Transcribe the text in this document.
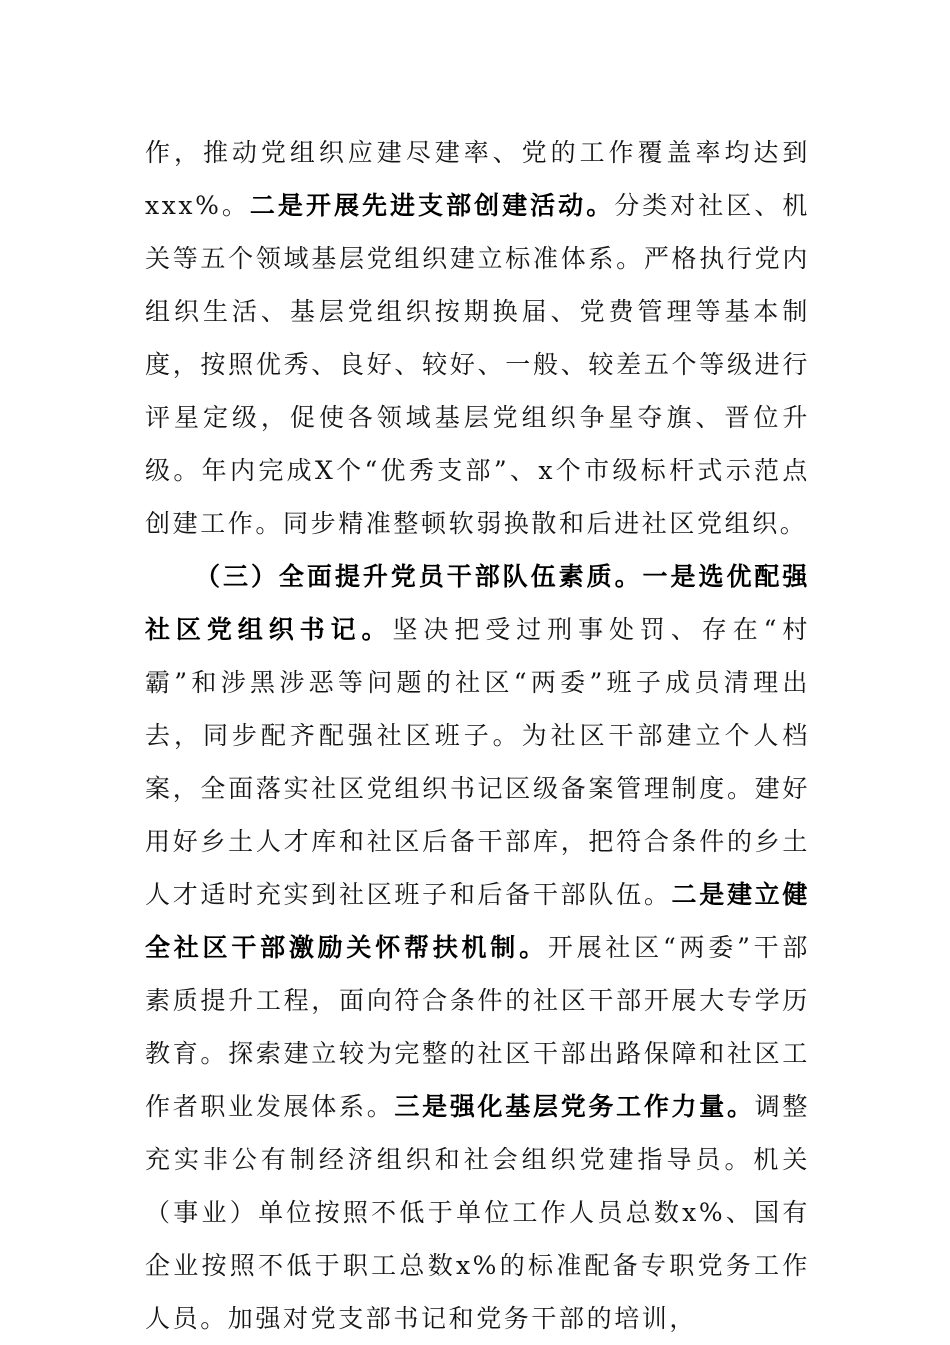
作，推动党组织应建尽建率、党的工作覆盖率均达到xxx%。二是开展先进支部创建活动。分类对社区、机关等五个领域基层党组织建立标准体系。严格执行党内组织生活、基层党组织按期换届、党费管理等基本制度，按照优秀、良好、较好、一般、较差五个等级进行评星定级，促使各领域基层党组织争星夺旗、晋位升级。年内完成X个“优秀支部”、x个市级标杆式示范点创建工作。同步精准整顿软弱换散和后进社区党组织。

（三）全面提升党员干部队伍素质。一是选优配强社区党组织书记。坚决把受过刑事处罚、存在“村霸”和涉黑涉恶等问题的社区“两委”班子成员清理出去，同步配齐配强社区班子。为社区干部建立个人档案，全面落实社区党组织书记区级备案管理制度。建好用好乡土人才库和社区后备干部库，把符合条件的乡土人才适时充实到社区班子和后备干部队伍。二是建立健全社区干部激励关怀帮扶机制。开展社区“两委”干部素质提升工程，面向符合条件的社区干部开展大专学历教育。探索建立较为完整的社区干部出路保障和社区工作者职业发展体系。三是强化基层党务工作力量。调整充实非公有制经济组织和社会组织党建指导员。机关（事业）单位按照不低于单位工作人员总数x%、国有企业按照不低于职工总数x%的标准配备专职党务工作人员。加强对党支部书记和党务干部的培训，
